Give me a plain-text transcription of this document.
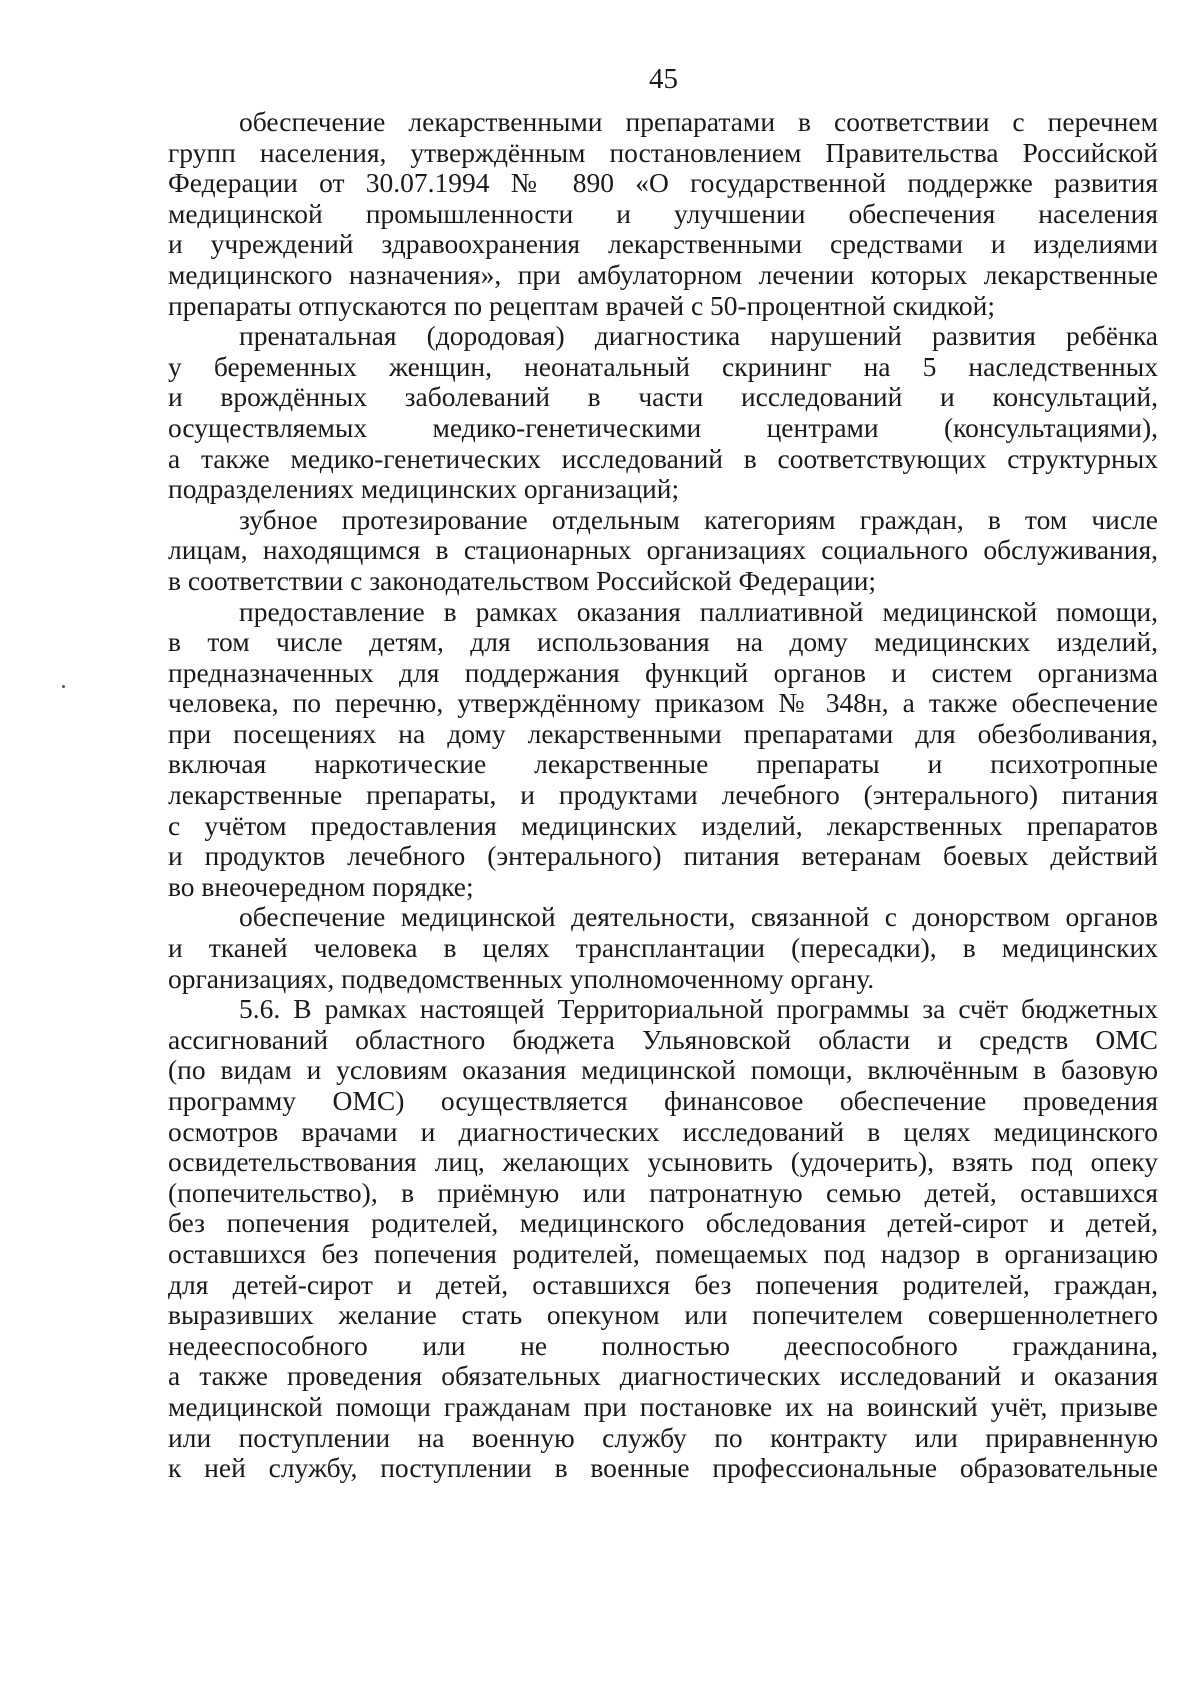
45
обеспечение лекарственными препаратами в соответствии с перечнем
групп населения, утверждённым постановлением Правительства Российской
Федерации от 30.07.1994 № 890 «О государственной поддержке развития
медицинской промышленности и улучшении обеспечения населения
и учреждений здравоохранения лекарственными средствами и изделиями
медицинского назначения», при амбулаторном лечении которых лекарственные
препараты отпускаются по рецептам врачей с 50-процентной скидкой;
пренатальная (дородовая) диагностика нарушений развития ребёнка
у беременных женщин, неонатальный скрининг на 5 наследственных
и врождённых заболеваний в части исследований и консультаций,
осуществляемых медико-генетическими центрами (консультациями),
а также медико-генетических исследований в соответствующих структурных
подразделениях медицинских организаций;
зубное протезирование отдельным категориям граждан, в том числе
лицам, находящимся в стационарных организациях социального обслуживания,
в соответствии с законодательством Российской Федерации;
предоставление в рамках оказания паллиативной медицинской помощи,
в том числе детям, для использования на дому медицинских изделий,
предназначенных для поддержания функций органов и систем организма
человека, по перечню, утверждённому приказом № 348н, а также обеспечение
при посещениях на дому лекарственными препаратами для обезболивания,
включая наркотические лекарственные препараты и психотропные
лекарственные препараты, и продуктами лечебного (энтерального) питания
с учётом предоставления медицинских изделий, лекарственных препаратов
и продуктов лечебного (энтерального) питания ветеранам боевых действий
во внеочередном порядке;
обеспечение медицинской деятельности, связанной с донорством органов
и тканей человека в целях трансплантации (пересадки), в медицинских
организациях, подведомственных уполномоченному органу.
5.6. В рамках настоящей Территориальной программы за счёт бюджетных
ассигнований областного бюджета Ульяновской области и средств ОМС
(по видам и условиям оказания медицинской помощи, включённым в базовую
программу ОМС) осуществляется финансовое обеспечение проведения
осмотров врачами и диагностических исследований в целях медицинского
освидетельствования лиц, желающих усыновить (удочерить), взять под опеку
(попечительство), в приёмную или патронатную семью детей, оставшихся
без попечения родителей, медицинского обследования детей-сирот и детей,
оставшихся без попечения родителей, помещаемых под надзор в организацию
для детей-сирот и детей, оставшихся без попечения родителей, граждан,
выразивших желание стать опекуном или попечителем совершеннолетнего
недееспособного или не полностью дееспособного гражданина,
а также проведения обязательных диагностических исследований и оказания
медицинской помощи гражданам при постановке их на воинский учёт, призыве
или поступлении на военную службу по контракту или приравненную
к ней службу, поступлении в военные профессиональные образовательные
